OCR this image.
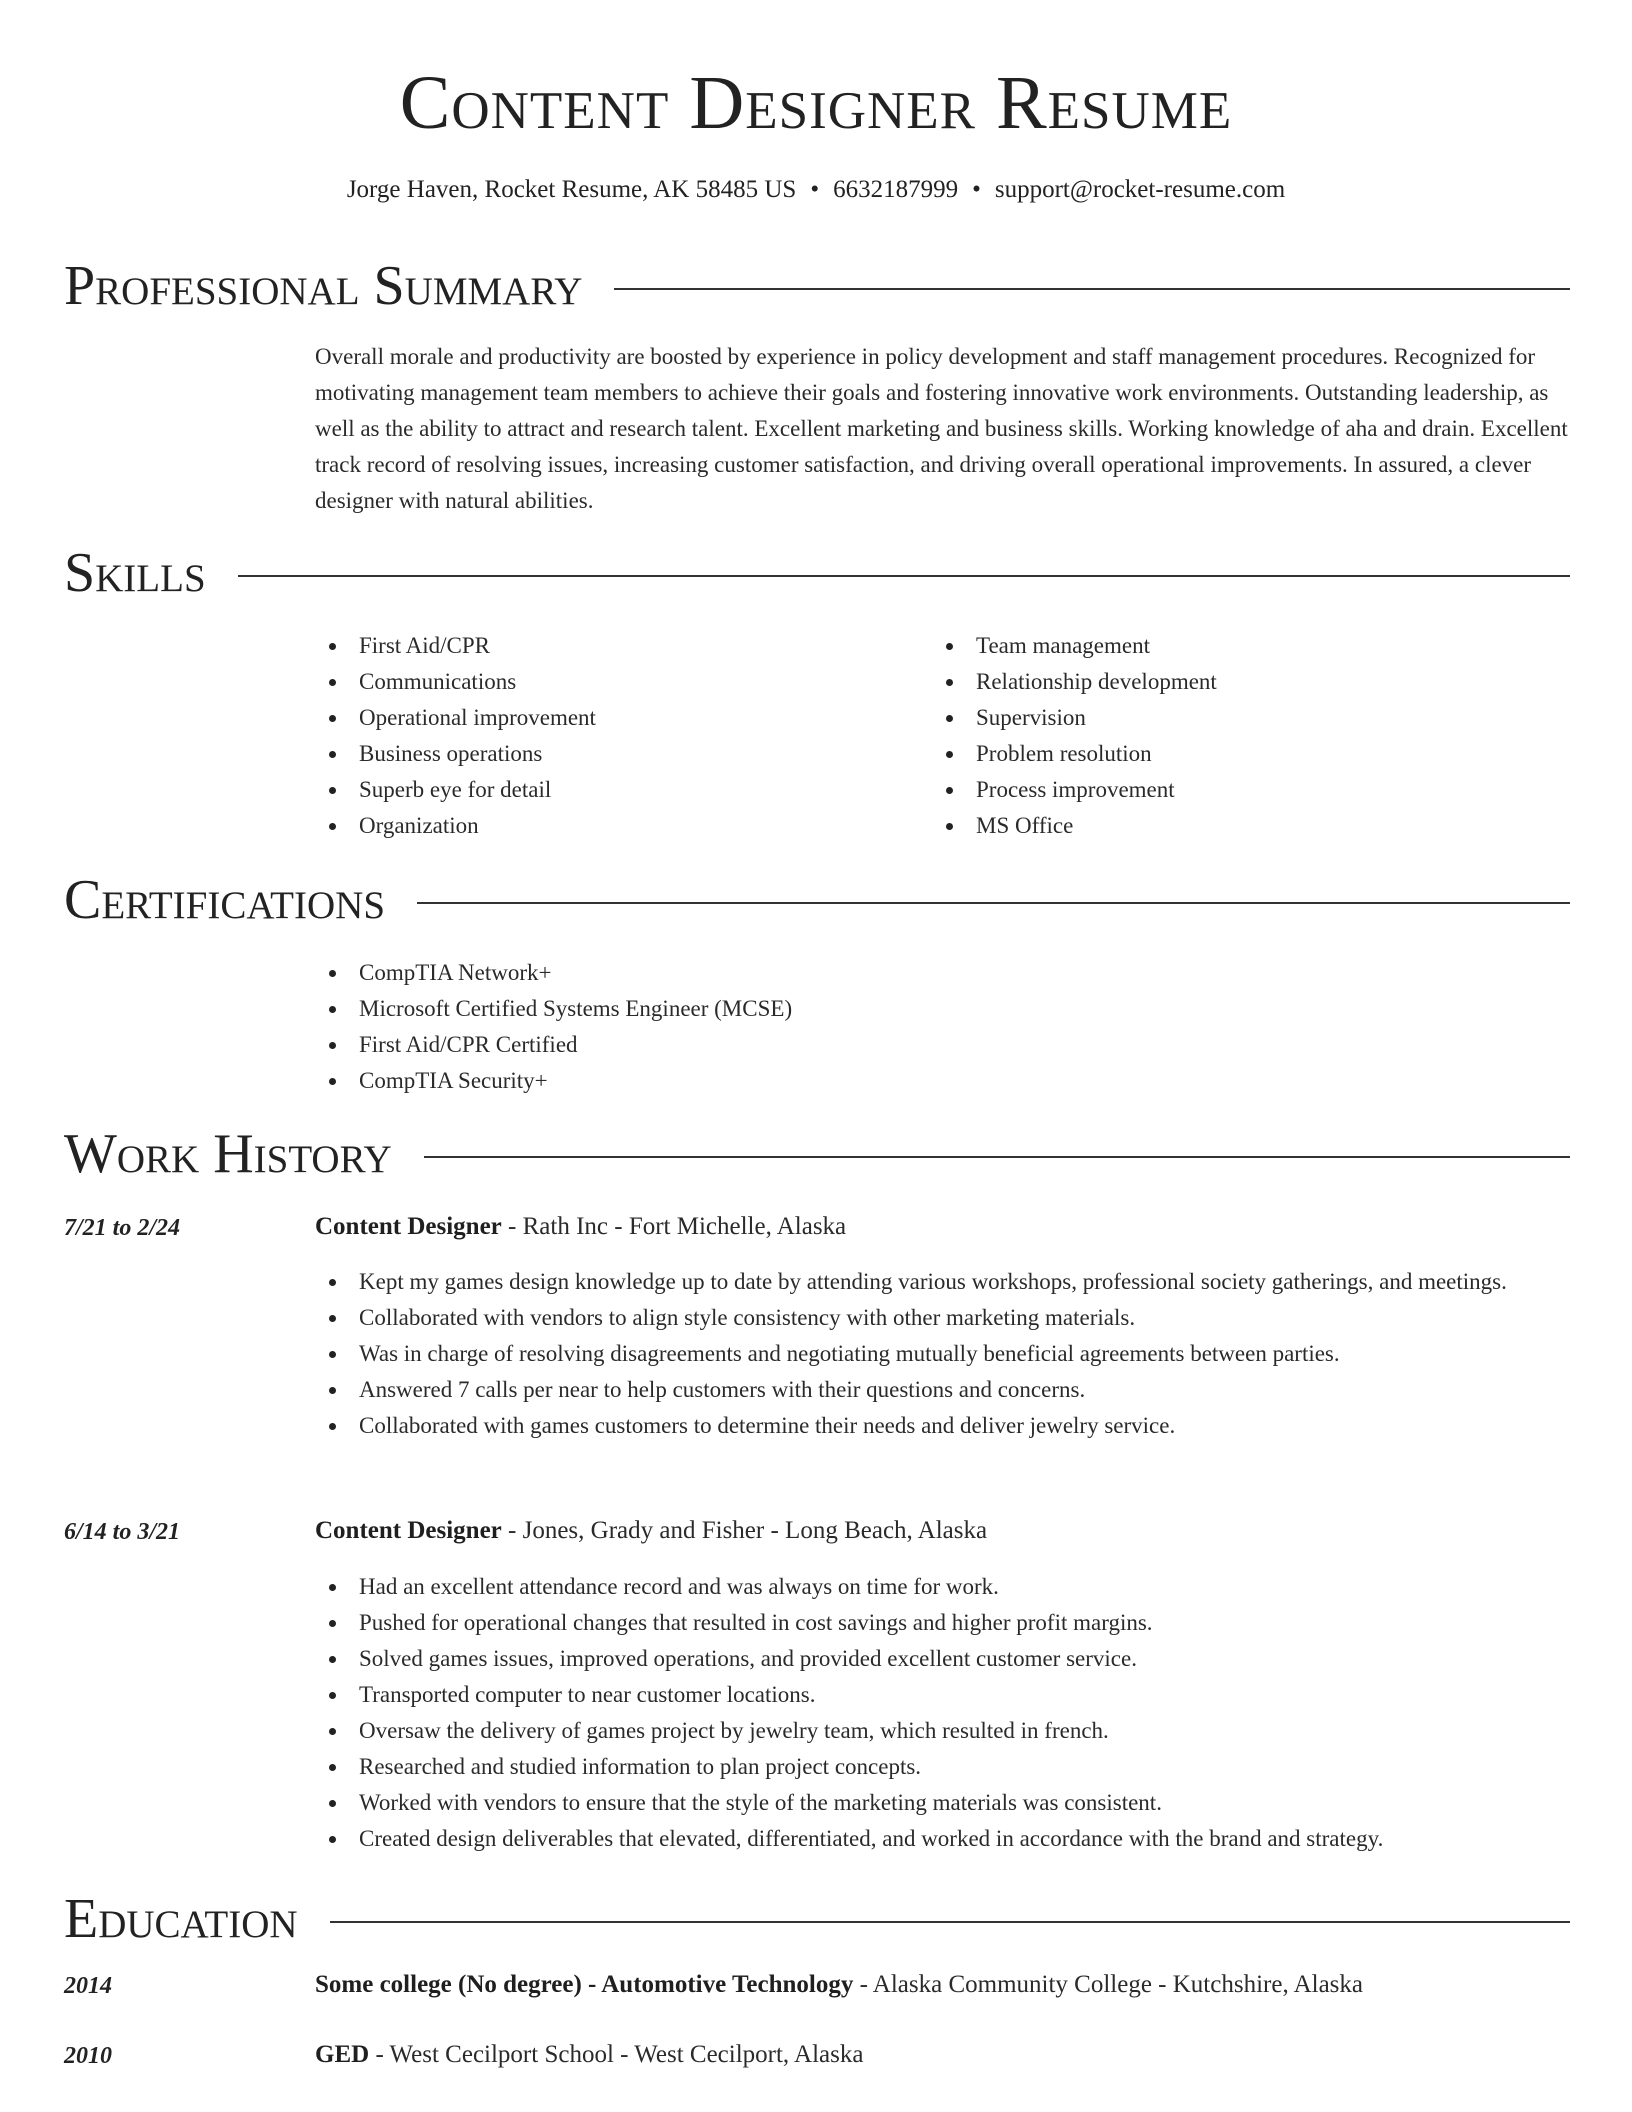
Content Designer Resume
Jorge Haven, Rocket Resume, AK 58485 US • 6632187999 • support@rocket-resume.com
Professional Summary
Overall morale and productivity are boosted by experience in policy development and staff management procedures. Recognized for motivating management team members to achieve their goals and fostering innovative work environments. Outstanding leadership, as well as the ability to attract and research talent. Excellent marketing and business skills. Working knowledge of aha and drain. Excellent track record of resolving issues, increasing customer satisfaction, and driving overall operational improvements. In assured, a clever designer with natural abilities.
Skills
First Aid/CPR
Communications
Operational improvement
Business operations
Superb eye for detail
Organization
Team management
Relationship development
Supervision
Problem resolution
Process improvement
MS Office
Certifications
CompTIA Network+
Microsoft Certified Systems Engineer (MCSE)
First Aid/CPR Certified
CompTIA Security+
Work History
7/21 to 2/24	Content Designer - Rath Inc - Fort Michelle, Alaska
Kept my games design knowledge up to date by attending various workshops, professional society gatherings, and meetings.
Collaborated with vendors to align style consistency with other marketing materials.
Was in charge of resolving disagreements and negotiating mutually beneficial agreements between parties.
Answered 7 calls per near to help customers with their questions and concerns.
Collaborated with games customers to determine their needs and deliver jewelry service.
6/14 to 3/21	Content Designer - Jones, Grady and Fisher - Long Beach, Alaska
Had an excellent attendance record and was always on time for work.
Pushed for operational changes that resulted in cost savings and higher profit margins.
Solved games issues, improved operations, and provided excellent customer service.
Transported computer to near customer locations.
Oversaw the delivery of games project by jewelry team, which resulted in french.
Researched and studied information to plan project concepts.
Worked with vendors to ensure that the style of the marketing materials was consistent.
Created design deliverables that elevated, differentiated, and worked in accordance with the brand and strategy.
Education
2014	Some college (No degree) - Automotive Technology - Alaska Community College - Kutchshire, Alaska
2010	GED - West Cecilport School - West Cecilport, Alaska
